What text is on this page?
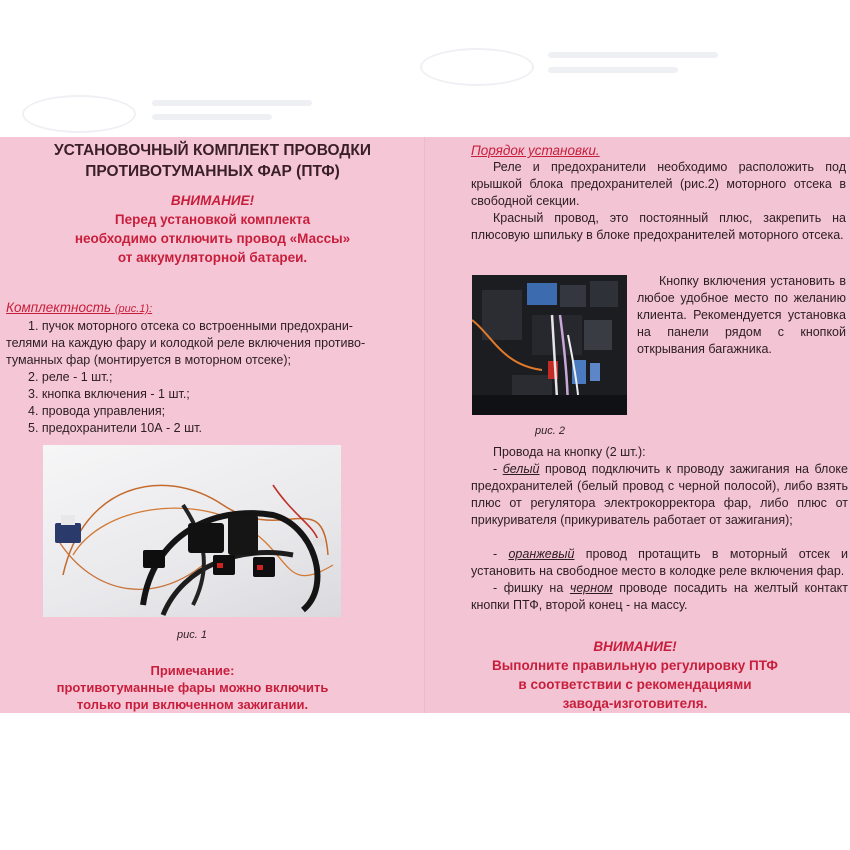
УСТАНОВОЧНЫЙ КОМПЛЕКТ ПРОВОДКИ
ПРОТИВОТУМАННЫХ ФАР (ПТФ)
ВНИМАНИЕ!
Перед установкой комплекта
необходимо отключить провод «Массы»
от аккумуляторной батареи.
Комплектность (рис.1):
1. пучок моторного отсека со встроенными предохрани-
телями на каждую фару и колодкой реле включения противо-
туманных фар (монтируется в моторном отсеке);
2. реле - 1 шт.;
3. кнопка включения - 1 шт.;
4. провода управления;
5. предохранители 10А - 2 шт.
рис. 1
Примечание:
противотуманные фары можно включить
только при включенном зажигании.
Порядок установки.
Реле и предохранители необходимо расположить под крышкой блока предохранителей (рис.2) моторного отсека в свободной секции.
Красный провод, это постоянный плюс, закрепить на плюсовую шпильку в блоке предохранителей моторного отсека.
Кнопку включения установить в любое удобное место по желанию клиента. Рекомендуется установка на панели рядом с кнопкой открывания багажника.
рис. 2
Провода на кнопку (2 шт.):
- белый провод подключить к проводу зажигания на блоке предохранителей (белый провод с черной полосой), либо взять плюс от регулятора электрокорректора фар, либо плюс от прикуривателя (прикуриватель работает от зажигания);
- оранжевый провод протащить в моторный отсек и установить на свободное место в колодке реле включения фар.
- фишку на черном проводе посадить на желтый контакт кнопки ПТФ, второй конец - на массу.
ВНИМАНИЕ!
Выполните правильную регулировку ПТФ
в соответствии с рекомендациями
завода-изготовителя.
